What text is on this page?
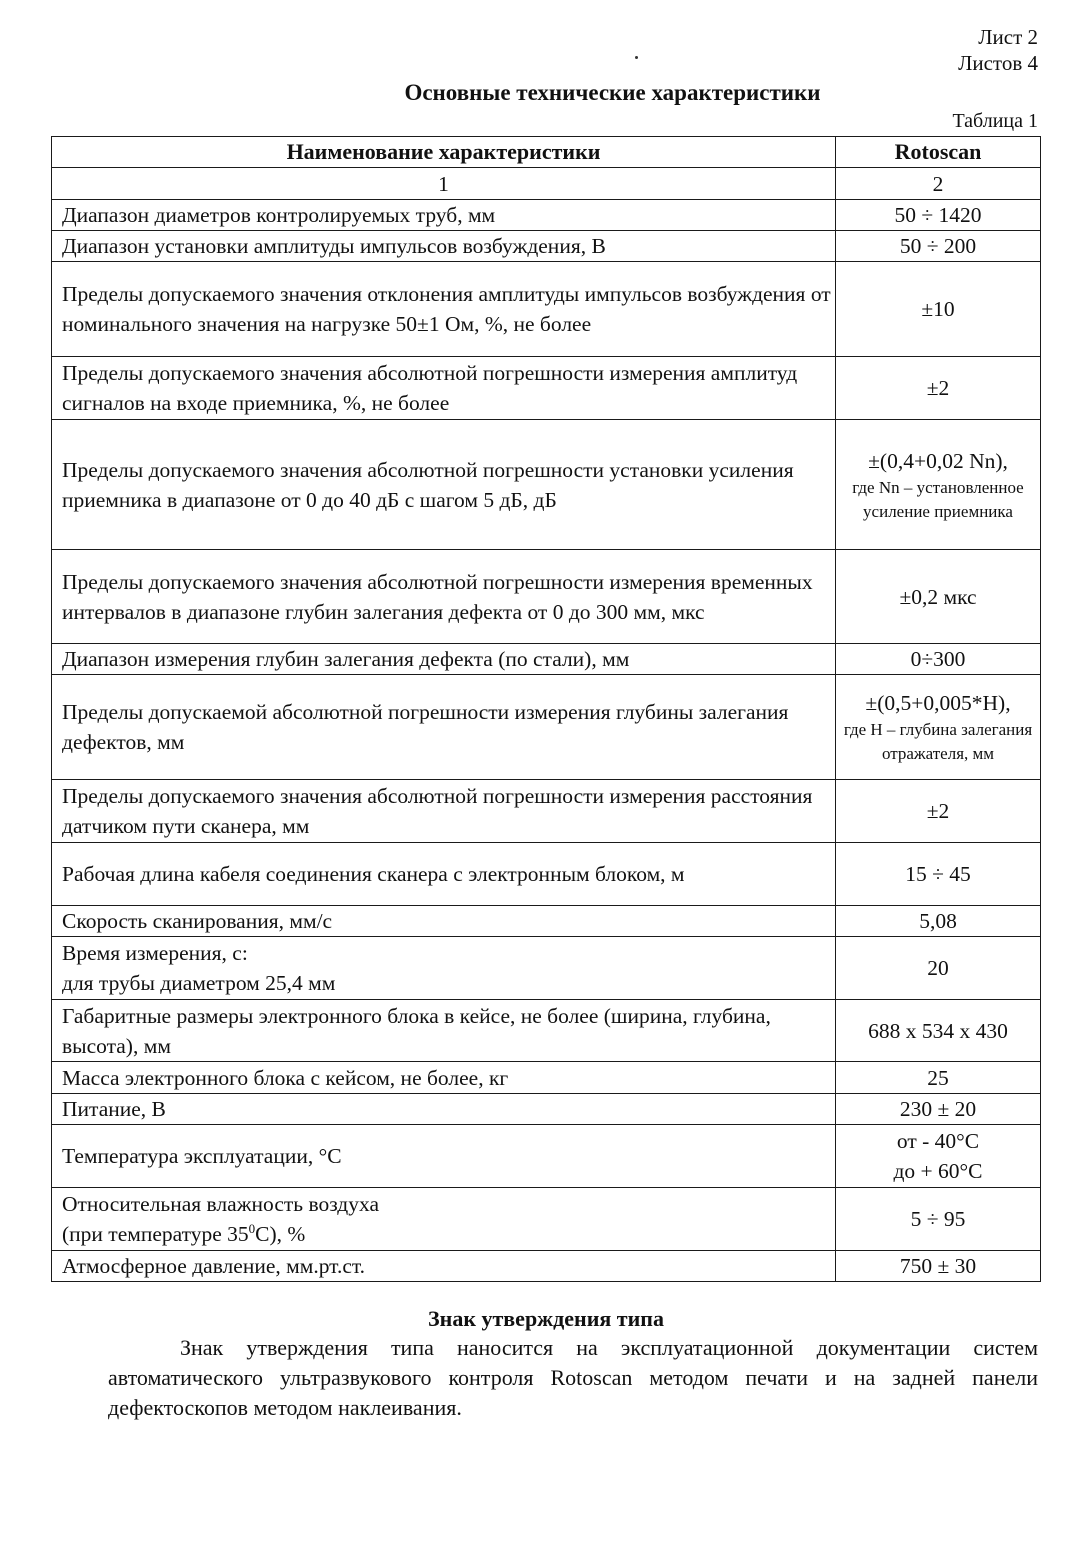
Лист 2
Листов 4
Основные технические характеристики
Таблица 1
Наименование характеристики	Rotoscan
1	2
Диапазон диаметров контролируемых труб, мм	50 ÷ 1420
Диапазон установки амплитуды импульсов возбуждения, В	50 ÷ 200
Пределы допускаемого значения отклонения амплитуды импульсов возбуждения от номинального значения на нагрузке 50±1 Ом, %, не более	±10
Пределы допускаемого значения абсолютной погрешности измерения амплитуд сигналов на входе приемника, %, не более	±2
Пределы допускаемого значения абсолютной погрешности установки усиления приемника в диапазоне от 0 до 40 дБ с шагом 5 дБ, дБ	±(0,4+0,02 Nn),
где Nn – установленное усиление приемника

Пределы допускаемого значения абсолютной погрешности измерения временных интервалов в диапазоне глубин залегания дефекта от 0 до 300 мм, мкс	±0,2 мкс
Диапазон измерения глубин залегания дефекта (по стали), мм	0÷300
Пределы допускаемой абсолютной погрешности измерения глубины залегания дефектов, мм	±(0,5+0,005*H),
где H – глубина залегания отражателя, мм

Пределы допускаемого значения абсолютной погрешности измерения расстояния датчиком пути сканера, мм	±2
Рабочая длина кабеля соединения сканера с электронным блоком, м	15 ÷ 45
Скорость сканирования, мм/с	5,08

Время измерения, с:
для трубы диаметром 25,4 мм	20
Габаритные размеры электронного блока в кейсе, не более (ширина, глубина, высота), мм	688 x 534 x 430
Масса электронного блока с кейсом, не более, кг	25
Питание, В	230 ± 20
Температура эксплуатации, °С	от - 40°С
до + 60°С

Относительная влажность воздуха
(при температуре $35^0С$), %	5 ÷ 95
Атмосферное давление, мм.рт.ст.	750 ± 30
Знак утверждения типа
Знак утверждения типа наносится на эксплуатационной документации систем автоматического ультразвукового контроля Rotoscan методом печати и на задней панели дефектоскопов методом наклеивания.
